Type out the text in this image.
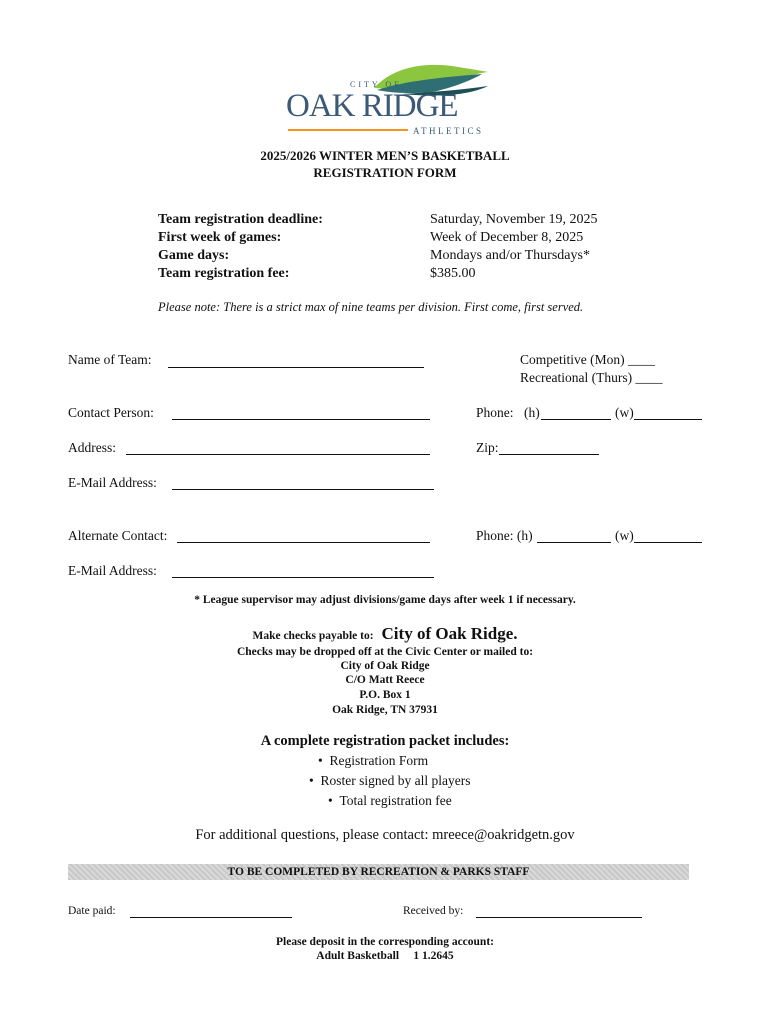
CITY OF
OAK RIDGE
ATHLETICS
2025/2026 WINTER MEN’S BASKETBALL
REGISTRATION FORM
Team registration deadline:	Saturday, November 19, 2025
First week of games:	Week of December 8, 2025
Game days:	Mondays and/or Thursdays*
Team registration fee:	$385.00
Please note: There is a strict max of nine teams per division. First come, first served.
Name of Team:	Competitive (Mon) ____
Recreational (Thurs) ____
Contact Person:	Phone: (h)	(w)
Address:	Zip:
E-Mail Address:
Alternate Contact:	Phone: (h)	(w)
E-Mail Address:
* League supervisor may adjust divisions/game days after week 1 if necessary.
Make checks payable to: City of Oak Ridge.
Checks may be dropped off at the Civic Center or mailed to:
City of Oak Ridge
C/O Matt Reece
P.O. Box 1
Oak Ridge, TN 37931
A complete registration packet includes:
• Registration Form
• Roster signed by all players
• Total registration fee
For additional questions, please contact: mreece@oakridgetn.gov
TO BE COMPLETED BY RECREATION & PARKS STAFF
Date paid:	Received by:
Please deposit in the corresponding account:
Adult Basketball     1 1.2645
